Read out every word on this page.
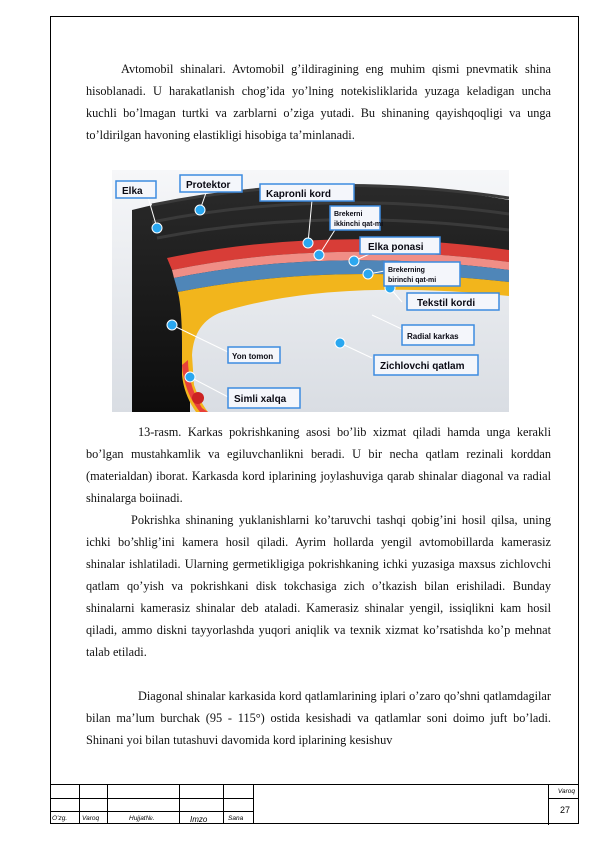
Avtomobil shinalari. Avtomobil g’ildiragining eng muhim qismi pnevmatik shina hisoblanadi. U harakatlanish chog’ida yo’lning notekisliklarida yuzaga keladigan uncha kuchli bo’lmagan turtki va zarblarni o’ziga yutadi. Bu shinaning qayishqoqligi va unga to’ldirilgan havoning elastikligi hisobiga ta’minlanadi.
Elka
Protektor
Kapronli kord
Brekerni
ikkinchi qat-mi
Elka ponasi
Brekerning
birinchi qat-mi
Tekstil kordi
Radial karkas
Zichlovchi qatlam
Yon tomon
Simli xalqa
13-rasm. Karkas pokrishkaning asosi bo’lib xizmat qiladi hamda unga kerakli bo’lgan mustahkamlik va egiluvchanlikni beradi. U bir necha qatlam rezinali korddan (materialdan) iborat. Karkasda kord iplarining joylashuviga qarab shinalar diagonal va radial shinalarga boiinadi.
Pokrishka shinaning yuklanishlarni ko’taruvchi tashqi qobig’ini hosil qilsa, uning ichki bo’shlig’ini kamera hosil qiladi. Ayrim hollarda yengil avtomobillarda kamerasiz shinalar ishlatiladi. Ularning germetikligiga pokrishkaning ichki yuzasiga maxsus zichlovchi qatlam qo’yish va pokrishkani disk tokchasiga zich o’tkazish bilan erishiladi. Bunday shinalarni kamerasiz shinalar deb ataladi. Kamerasiz shinalar yengil, issiqlikni kam hosil qiladi, ammo diskni tayyorlashda yuqori aniqlik va texnik xizmat ko’rsatishda ko’p mehnat talab etiladi.
Diagonal shinalar karkasida kord qatlamlarining iplari o’zaro qo’shni qatlamdagilar bilan ma’lum burchak (95 - 115°) ostida kesishadi va qatlamlar soni doimo juft bo’ladi. Shinani yoi bilan tutashuvi davomida kord iplarining kesishuv
O’zg. Varoq	Hujjat№.	Imzo	Sana
Varoq
27
